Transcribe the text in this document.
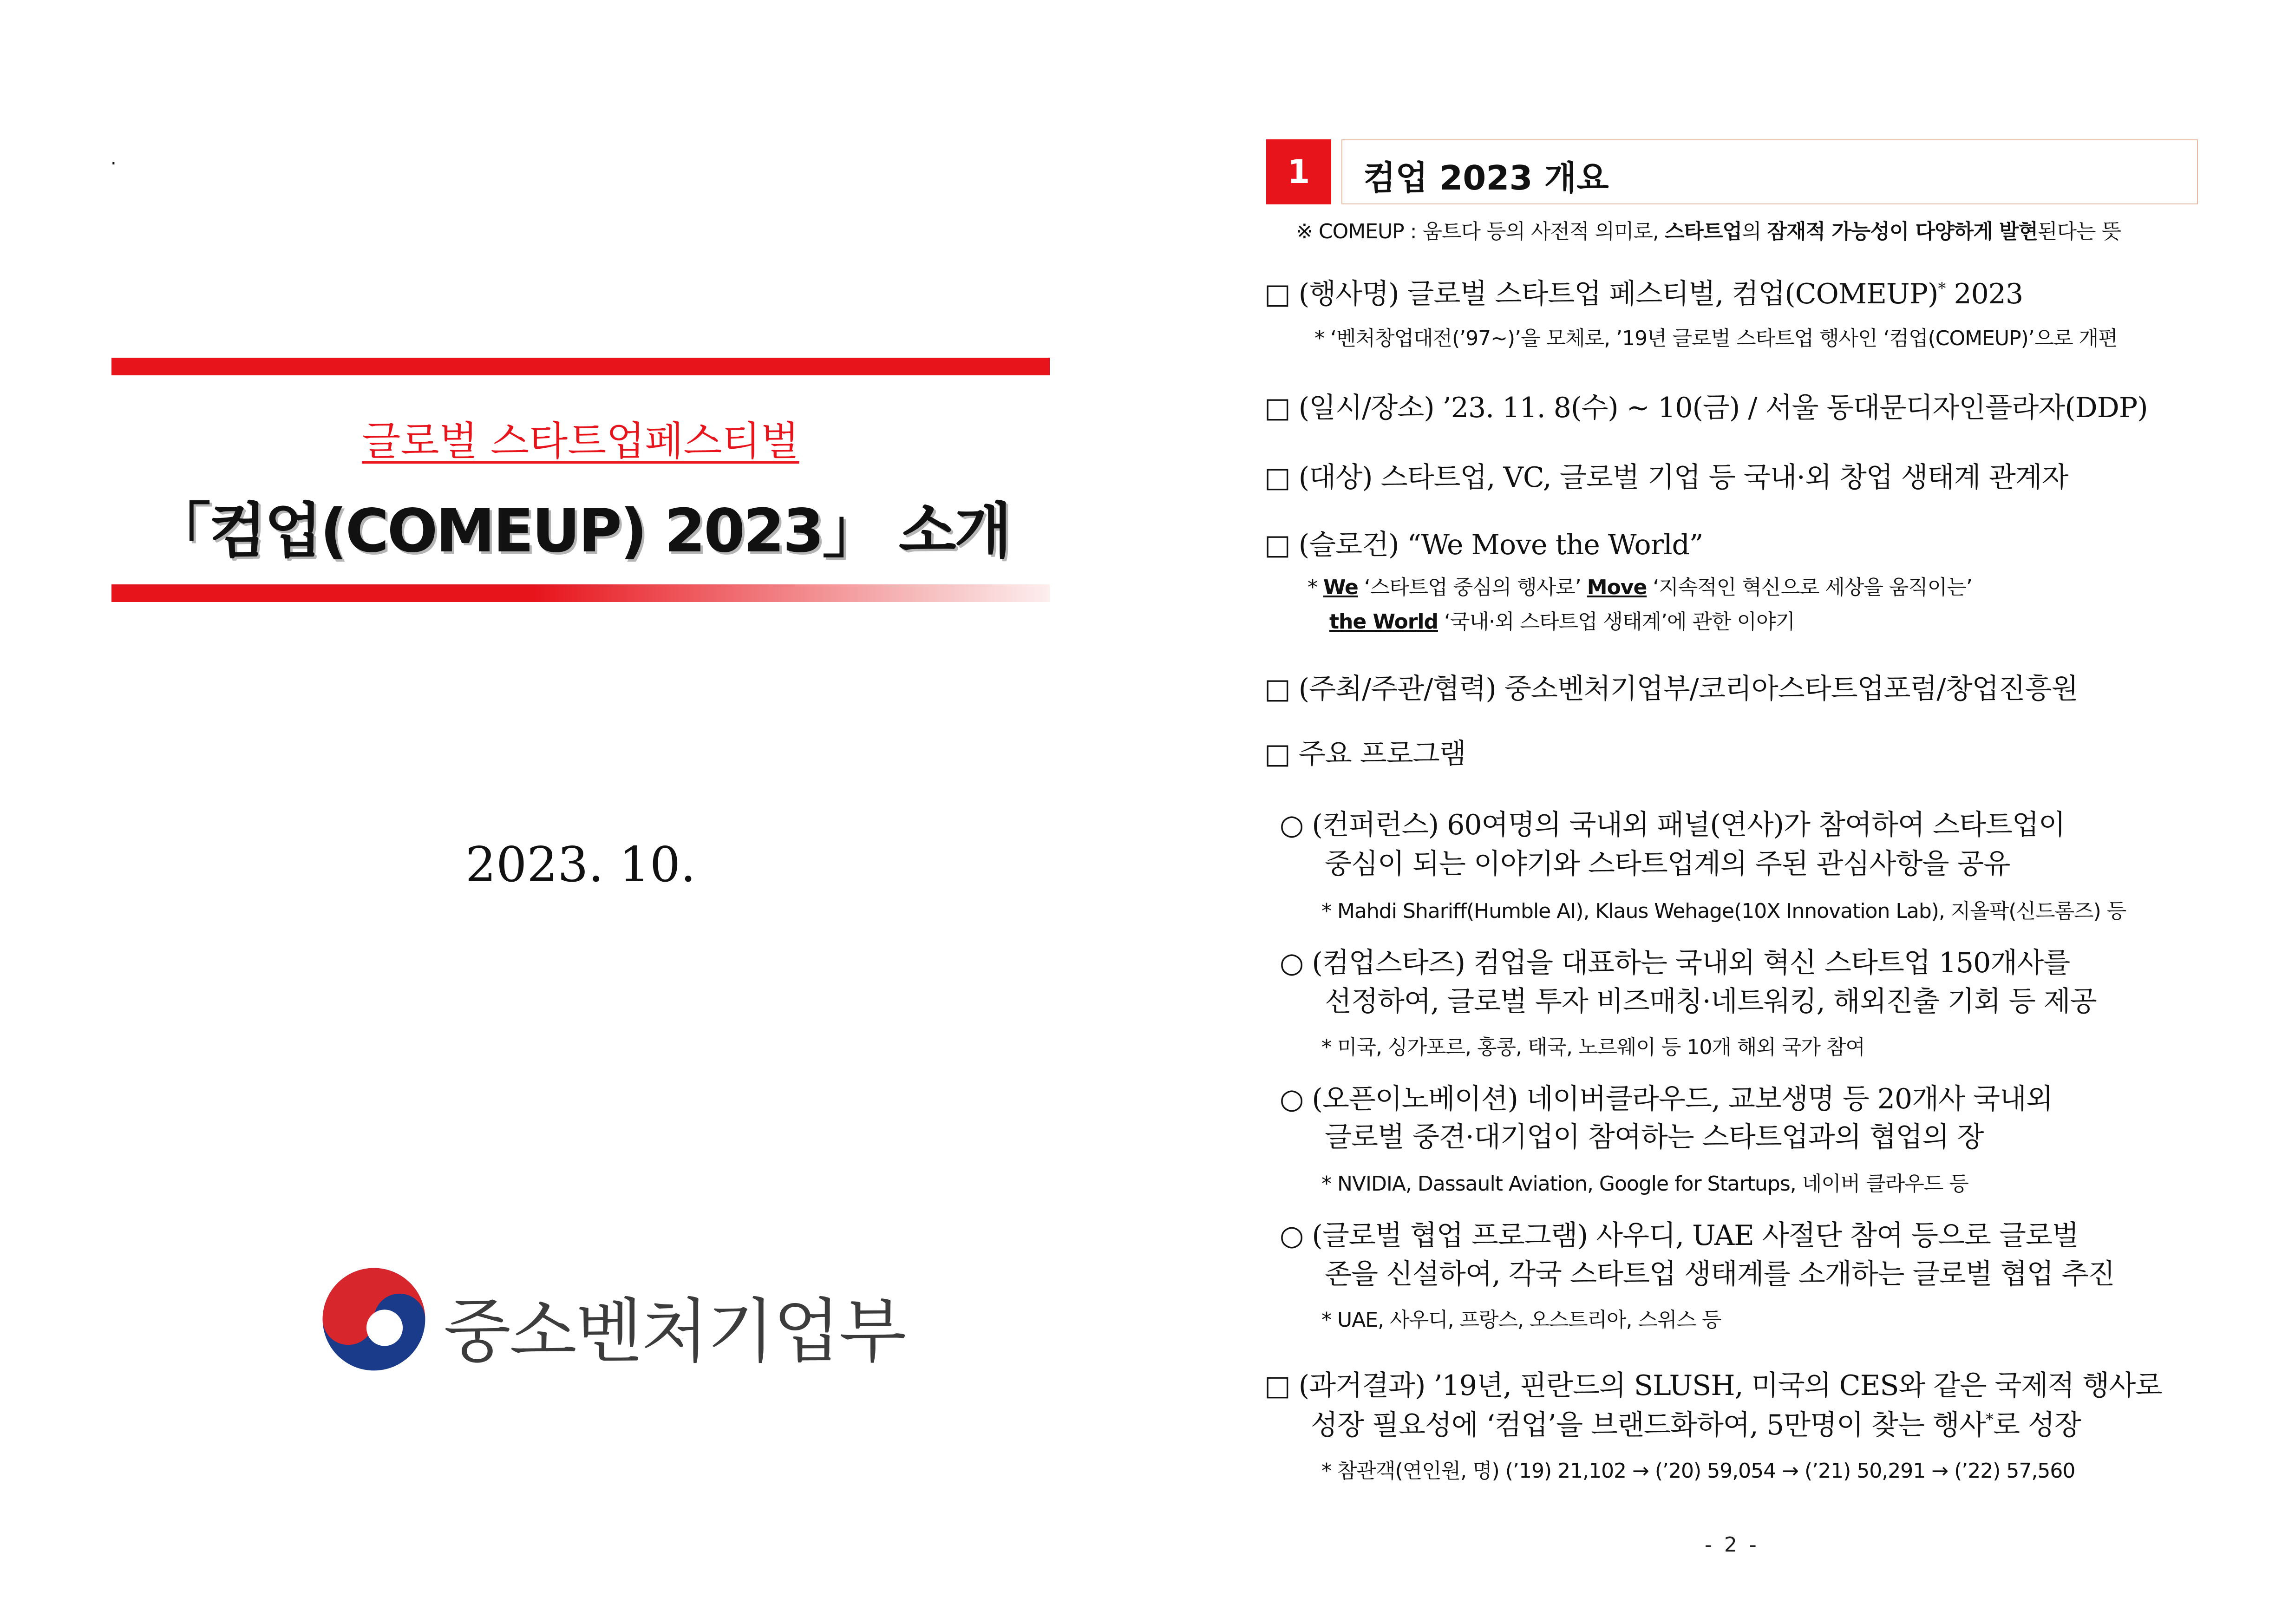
.
글로벌 스타트업페스티벌
「컴업(COMEUP) 2023」 소개
2023. 10.
중소벤처기업부
1	컴업 2023 개요
※ COMEUP : 움트다 등의 사전적 의미로, 스타트업의 잠재적 가능성이 다양하게 발현된다는 뜻
□ (행사명) 글로벌 스타트업 페스티벌, 컴업(COMEUP)* 2023
* ‘벤처창업대전(’97~)’을 모체로, ’19년 글로벌 스타트업 행사인 ‘컴업(COMEUP)’으로 개편
□ (일시/장소) ’23. 11. 8(수) ~ 10(금) / 서울 동대문디자인플라자(DDP)
□ (대상) 스타트업, VC, 글로벌 기업 등 국내·외 창업 생태계 관계자
□ (슬로건) “We Move the World”
* We ‘스타트업 중심의 행사로’ Move ‘지속적인 혁신으로 세상을 움직이는’
the World ‘국내·외 스타트업 생태계’에 관한 이야기
□ (주최/주관/협력) 중소벤처기업부/코리아스타트업포럼/창업진흥원
□ 주요 프로그램
○ (컨퍼런스) 60여명의 국내외 패널(연사)가 참여하여 스타트업이
중심이 되는 이야기와 스타트업계의 주된 관심사항을 공유
* Mahdi Shariff(Humble AI), Klaus Wehage(10X Innovation Lab), 지올팍(신드롬즈) 등
○ (컴업스타즈) 컴업을 대표하는 국내외 혁신 스타트업 150개사를
선정하여, 글로벌 투자 비즈매칭·네트워킹, 해외진출 기회 등 제공
* 미국, 싱가포르, 홍콩, 태국, 노르웨이 등 10개 해외 국가 참여
○ (오픈이노베이션) 네이버클라우드, 교보생명 등 20개사 국내외
글로벌 중견·대기업이 참여하는 스타트업과의 협업의 장
* NVIDIA, Dassault Aviation, Google for Startups, 네이버 클라우드 등
○ (글로벌 협업 프로그램) 사우디, UAE 사절단 참여 등으로 글로벌
존을 신설하여, 각국 스타트업 생태계를 소개하는 글로벌 협업 추진
* UAE, 사우디, 프랑스, 오스트리아, 스위스 등
□ (과거결과) ’19년, 핀란드의 SLUSH, 미국의 CES와 같은 국제적 행사로
성장 필요성에 ‘컴업’을 브랜드화하여, 5만명이 찾는 행사*로 성장
* 참관객(연인원, 명) (’19) 21,102 → (’20) 59,054 → (’21) 50,291 → (’22) 57,560
- 2 -
